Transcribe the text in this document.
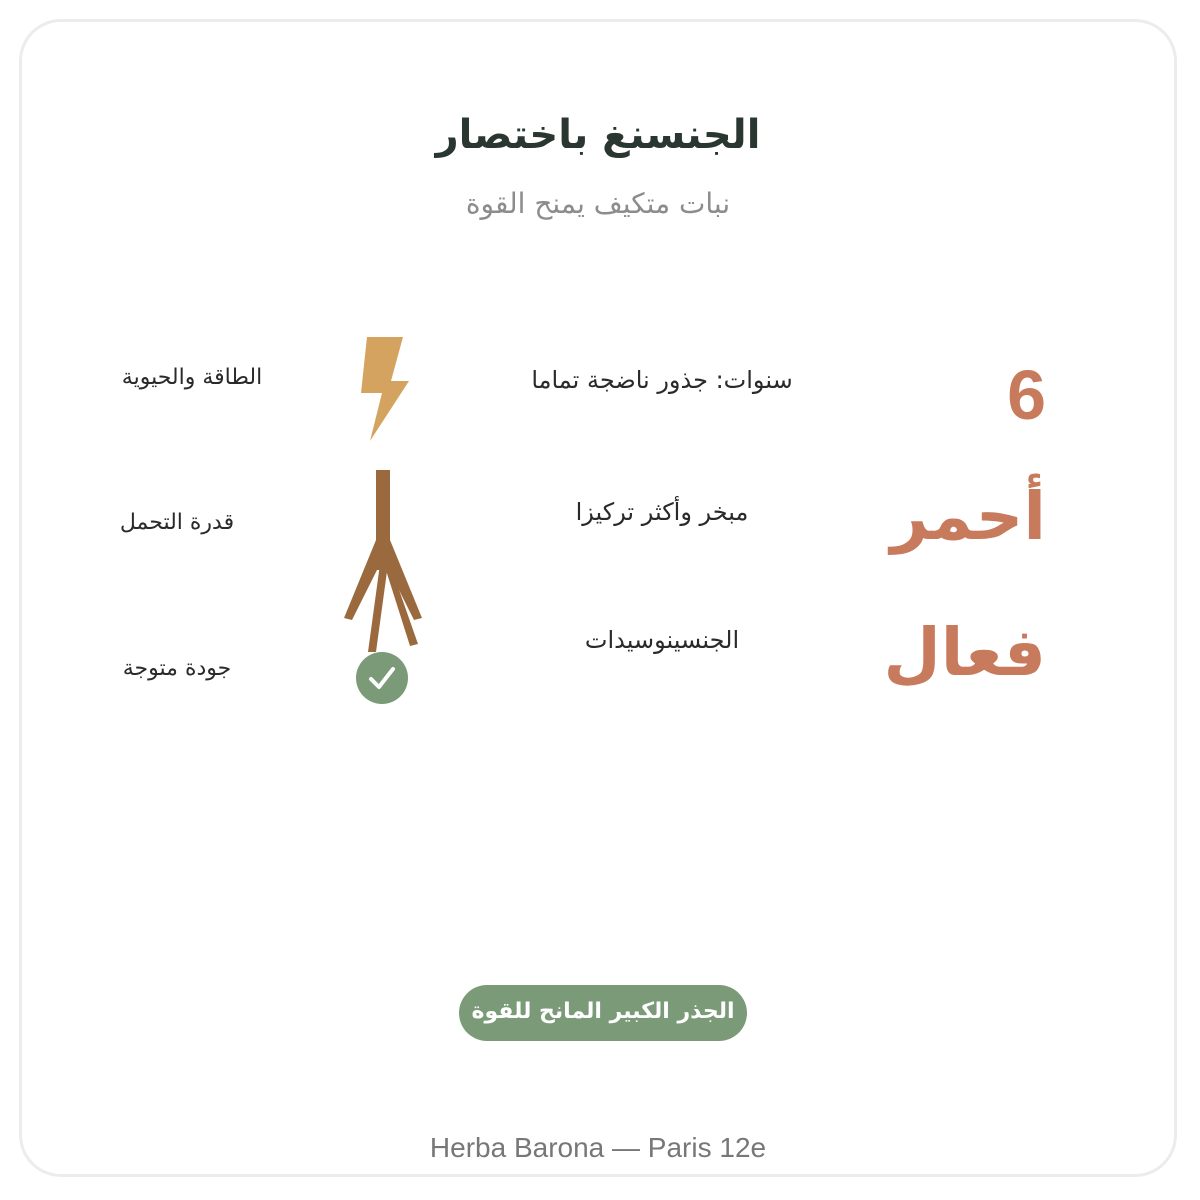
الجنسنغ باختصار
نبات متكيف يمنح القوة
6
سنوات: جذور ناضجة تماما
أحمر
مبخر وأكثر تركيزا
فعال
الجنسينوسيدات
الطاقة والحيوية
قدرة التحمل
جودة متوجة
الجذر الكبير المانح للقوة
Herba Barona — Paris 12e
